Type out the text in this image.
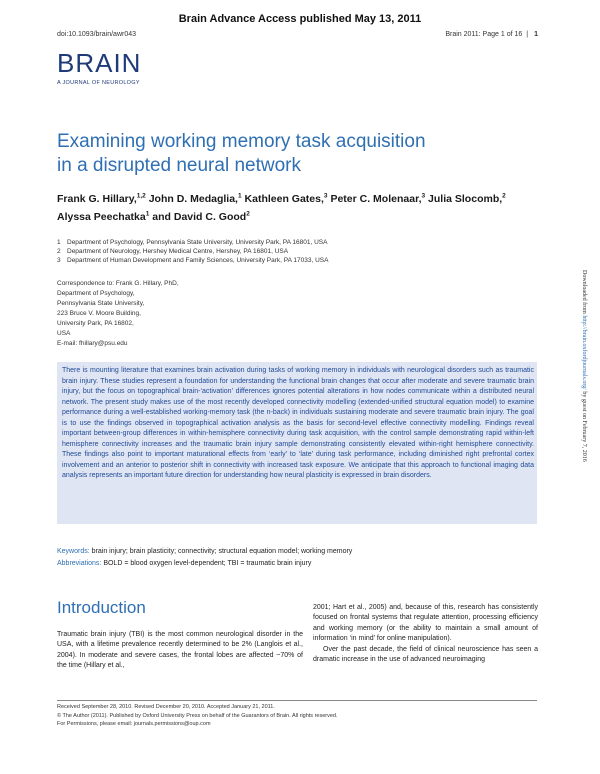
Brain Advance Access published May 13, 2011
doi:10.1093/brain/awr043	Brain 2011: Page 1 of 16 | 1
BRAIN
A JOURNAL OF NEUROLOGY
Examining working memory task acquisition
in a disrupted neural network
Frank G. Hillary,$^{1,2}$ John D. Medaglia,$^1$ Kathleen Gates,$^3$ Peter C. Molenaar,$^3$ Julia Slocomb,$^2$
Alyssa Peechatka$^1$ and David C. Good$^2$
1 Department of Psychology, Pennsylvania State University, University Park, PA 16801, USA
2 Department of Neurology, Hershey Medical Centre, Hershey, PA 16801, USA
3 Department of Human Development and Family Sciences, University Park, PA 17033, USA
Correspondence to: Frank G. Hillary, PhD,
Department of Psychology,
Pennsylvania State University,
223 Bruce V. Moore Building,
University Park, PA 16802,
USA
E-mail: fhillary@psu.edu
There is mounting literature that examines brain activation during tasks of working memory in individuals with neurological disorders such as traumatic brain injury. These studies represent a foundation for understanding the functional brain changes that occur after moderate and severe traumatic brain injury, but the focus on topographical brain-‘activation’ differences ignores potential alterations in how nodes communicate within a distributed neural network. The present study makes use of the most recently developed connectivity modelling (extended-unified structural equation model) to examine performance during a well-established working-memory task (the n-back) in individuals sustaining moderate and severe traumatic brain injury. The goal is to use the findings observed in topographical activation analysis as the basis for second-level effective connectivity modelling. Findings reveal important between-group differences in within-hemisphere connectivity during task acquisition, with the control sample demonstrating rapid within-left hemisphere connectivity increases and the traumatic brain injury sample demonstrating consistently elevated within-right hemisphere connectivity. These findings also point to important maturational effects from ‘early’ to ‘late’ during task performance, including diminished right prefrontal cortex involvement and an anterior to posterior shift in connectivity with increased task exposure. We anticipate that this approach to functional imaging data analysis represents an important future direction for understanding how neural plasticity is expressed in brain disorders.
Keywords: brain injury; brain plasticity; connectivity; structural equation model; working memory
Abbreviations: BOLD = blood oxygen level-dependent; TBI = traumatic brain injury
Introduction

Traumatic brain injury (TBI) is the most common neurological disorder in the USA, with a lifetime prevalence recently determined to be 2% (Langlois et al., 2004). In moderate and severe cases, the frontal lobes are affected ~70% of the time (Hillary et al.,

2001; Hart et al., 2005) and, because of this, research has consistently focused on frontal systems that regulate attention, processing efficiency and working memory (or the ability to maintain a small amount of information ‘in mind’ for online manipulation).

Over the past decade, the field of clinical neuroscience has seen a dramatic increase in the use of advanced neuroimaging

Received September 28, 2010. Revised December 20, 2010. Accepted January 21, 2011.
© The Author (2011). Published by Oxford University Press on behalf of the Guarantors of Brain. All rights reserved.
For Permissions, please email: journals.permissions@oup.com
Downloaded from http://brain.oxfordjournals.org/ by guest on February 7, 2016
